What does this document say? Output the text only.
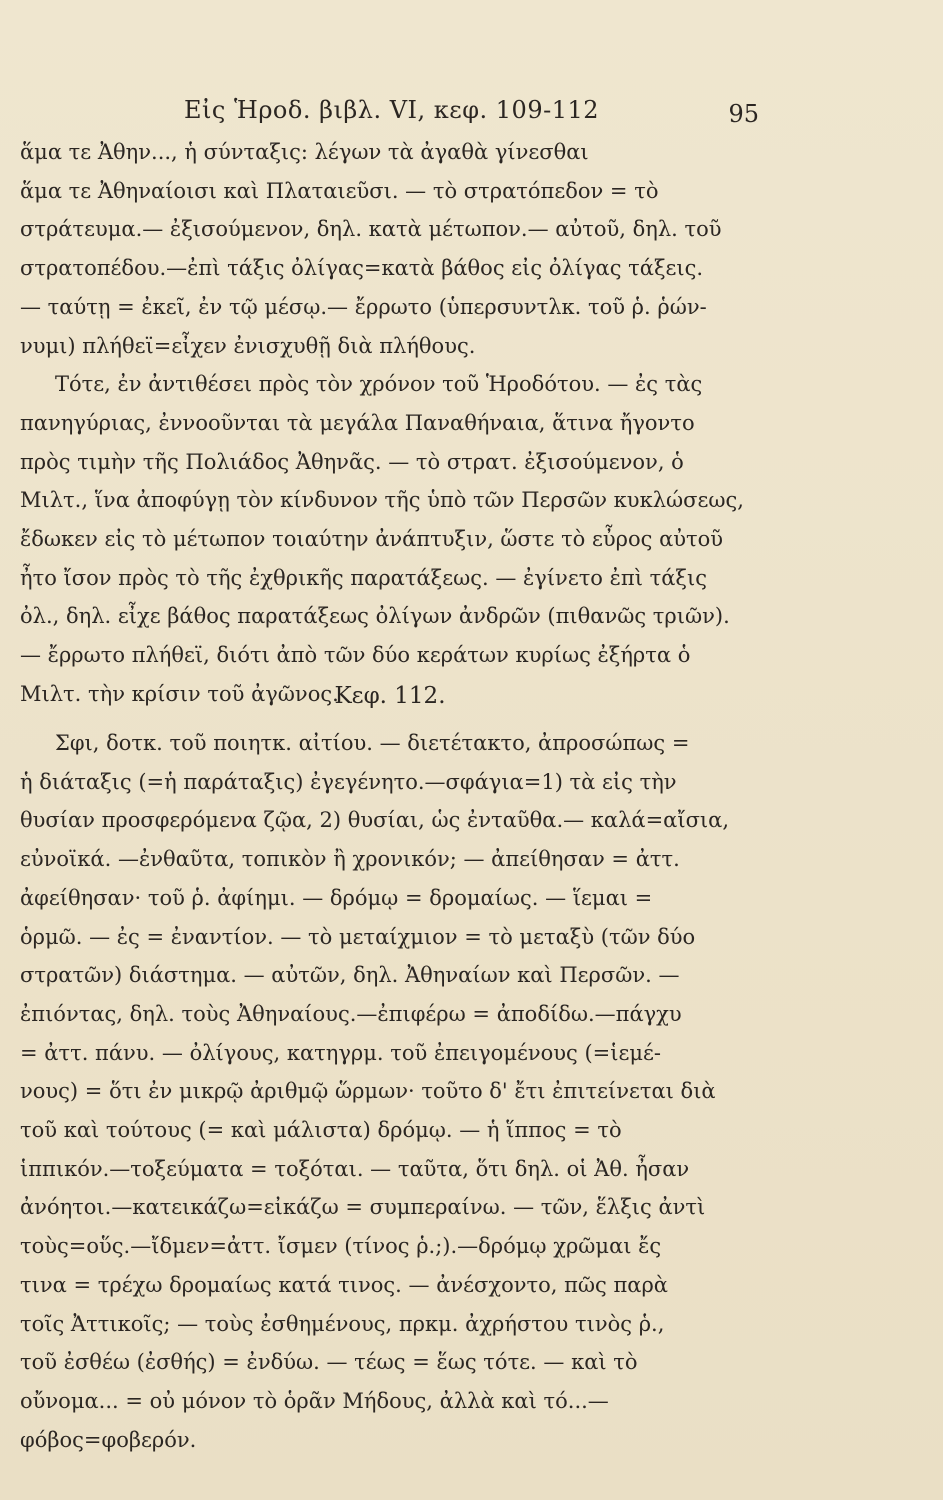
Εἰς Ἡροδ. βιβλ. VI, κεφ. 109-112	95
ἅμα τε Ἀθην..., ἡ σύνταξις: λέγων τὰ ἀγαθὰ γίνεσθαι
ἅμα τε Ἀθηναίοισι καὶ Πλαταιεῦσι. — τὸ στρατόπεδον = τὸ
στράτευμα.— ἐξισούμενον, δηλ. κατὰ μέτωπον.— αὐτοῦ, δηλ. τοῦ
στρατοπέδου.—ἐπὶ τάξις ὀλίγας=κατὰ βάθος εἰς ὀλίγας τάξεις.
— ταύτῃ = ἐκεῖ, ἐν τῷ μέσῳ.— ἔρρωτο (ὑπερσυντλκ. τοῦ ῥ. ῥών-
νυμι) πλήθεϊ=εἶχεν ἐνισχυθῇ διὰ πλήθους.
Τότε, ἐν ἀντιθέσει πρὸς τὸν χρόνον τοῦ Ἡροδότου. — ἐς τὰς
πανηγύριας, ἐννοοῦνται τὰ μεγάλα Παναθήναια, ἅτινα ἤγοντο
πρὸς τιμὴν τῆς Πολιάδος Ἀθηνᾶς. — τὸ στρατ. ἐξισούμενον, ὁ
Μιλτ., ἵνα ἀποφύγῃ τὸν κίνδυνον τῆς ὑπὸ τῶν Περσῶν κυκλώσεως,
ἔδωκεν εἰς τὸ μέτωπον τοιαύτην ἀνάπτυξιν, ὥστε τὸ εὖρος αὐτοῦ
ἦτο ἴσον πρὸς τὸ τῆς ἐχθρικῆς παρατάξεως. — ἐγίνετο ἐπὶ τάξις
ὀλ., δηλ. εἶχε βάθος παρατάξεως ὀλίγων ἀνδρῶν (πιθανῶς τριῶν).
— ἔρρωτο πλήθεϊ, διότι ἀπὸ τῶν δύο κεράτων κυρίως ἐξήρτα ὁ
Μιλτ. τὴν κρίσιν τοῦ ἀγῶνος.
Κεφ. 112.
Σφι, δοτκ. τοῦ ποιητκ. αἰτίου. — διετέτακτο, ἀπροσώπως =
ἡ διάταξις (=ἡ παράταξις) ἐγεγένητο.—σφάγια=1) τὰ εἰς τὴν
θυσίαν προσφερόμενα ζῷα, 2) θυσίαι, ὡς ἐνταῦθα.— καλά=αἴσια,
εὐνοϊκά. —ἐνθαῦτα, τοπικὸν ἢ χρονικόν; — ἀπείθησαν = ἀττ.
ἀφείθησαν· τοῦ ῥ. ἀφίημι. — δρόμῳ = δρομαίως. — ἵεμαι =
ὁρμῶ. — ἐς = ἐναντίον. — τὸ μεταίχμιον = τὸ μεταξὺ (τῶν δύο
στρατῶν) διάστημα. — αὐτῶν, δηλ. Ἀθηναίων καὶ Περσῶν. —
ἐπιόντας, δηλ. τοὺς Ἀθηναίους.—ἐπιφέρω = ἀποδίδω.—πάγχυ
= ἀττ. πάνυ. — ὀλίγους, κατηγρμ. τοῦ ἐπειγομένους (=ἱεμέ-
νους) = ὅτι ἐν μικρῷ ἀριθμῷ ὥρμων· τοῦτο δ' ἔτι ἐπιτείνεται διὰ
τοῦ καὶ τούτους (= καὶ μάλιστα) δρόμῳ. — ἡ ἵππος = τὸ
ἱππικόν.—τοξεύματα = τοξόται. — ταῦτα, ὅτι δηλ. οἱ Ἀθ. ἦσαν
ἀνόητοι.—κατεικάζω=εἰκάζω = συμπεραίνω. — τῶν, ἕλξις ἀντὶ
τοὺς=οὕς.—ἴδμεν=ἀττ. ἴσμεν (τίνος ῥ.;).—δρόμῳ χρῶμαι ἔς
τινα = τρέχω δρομαίως κατά τινος. — ἀνέσχοντο, πῶς παρὰ
τοῖς Ἀττικοῖς; — τοὺς ἐσθημένους, πρκμ. ἀχρήστου τινὸς ῥ.,
τοῦ ἐσθέω (ἐσθής) = ἐνδύω. — τέως = ἕως τότε. — καὶ τὸ
οὔνομα... = οὐ μόνον τὸ ὁρᾶν Μήδους, ἀλλὰ καὶ τό...—
φόβος=φοβερόν.
